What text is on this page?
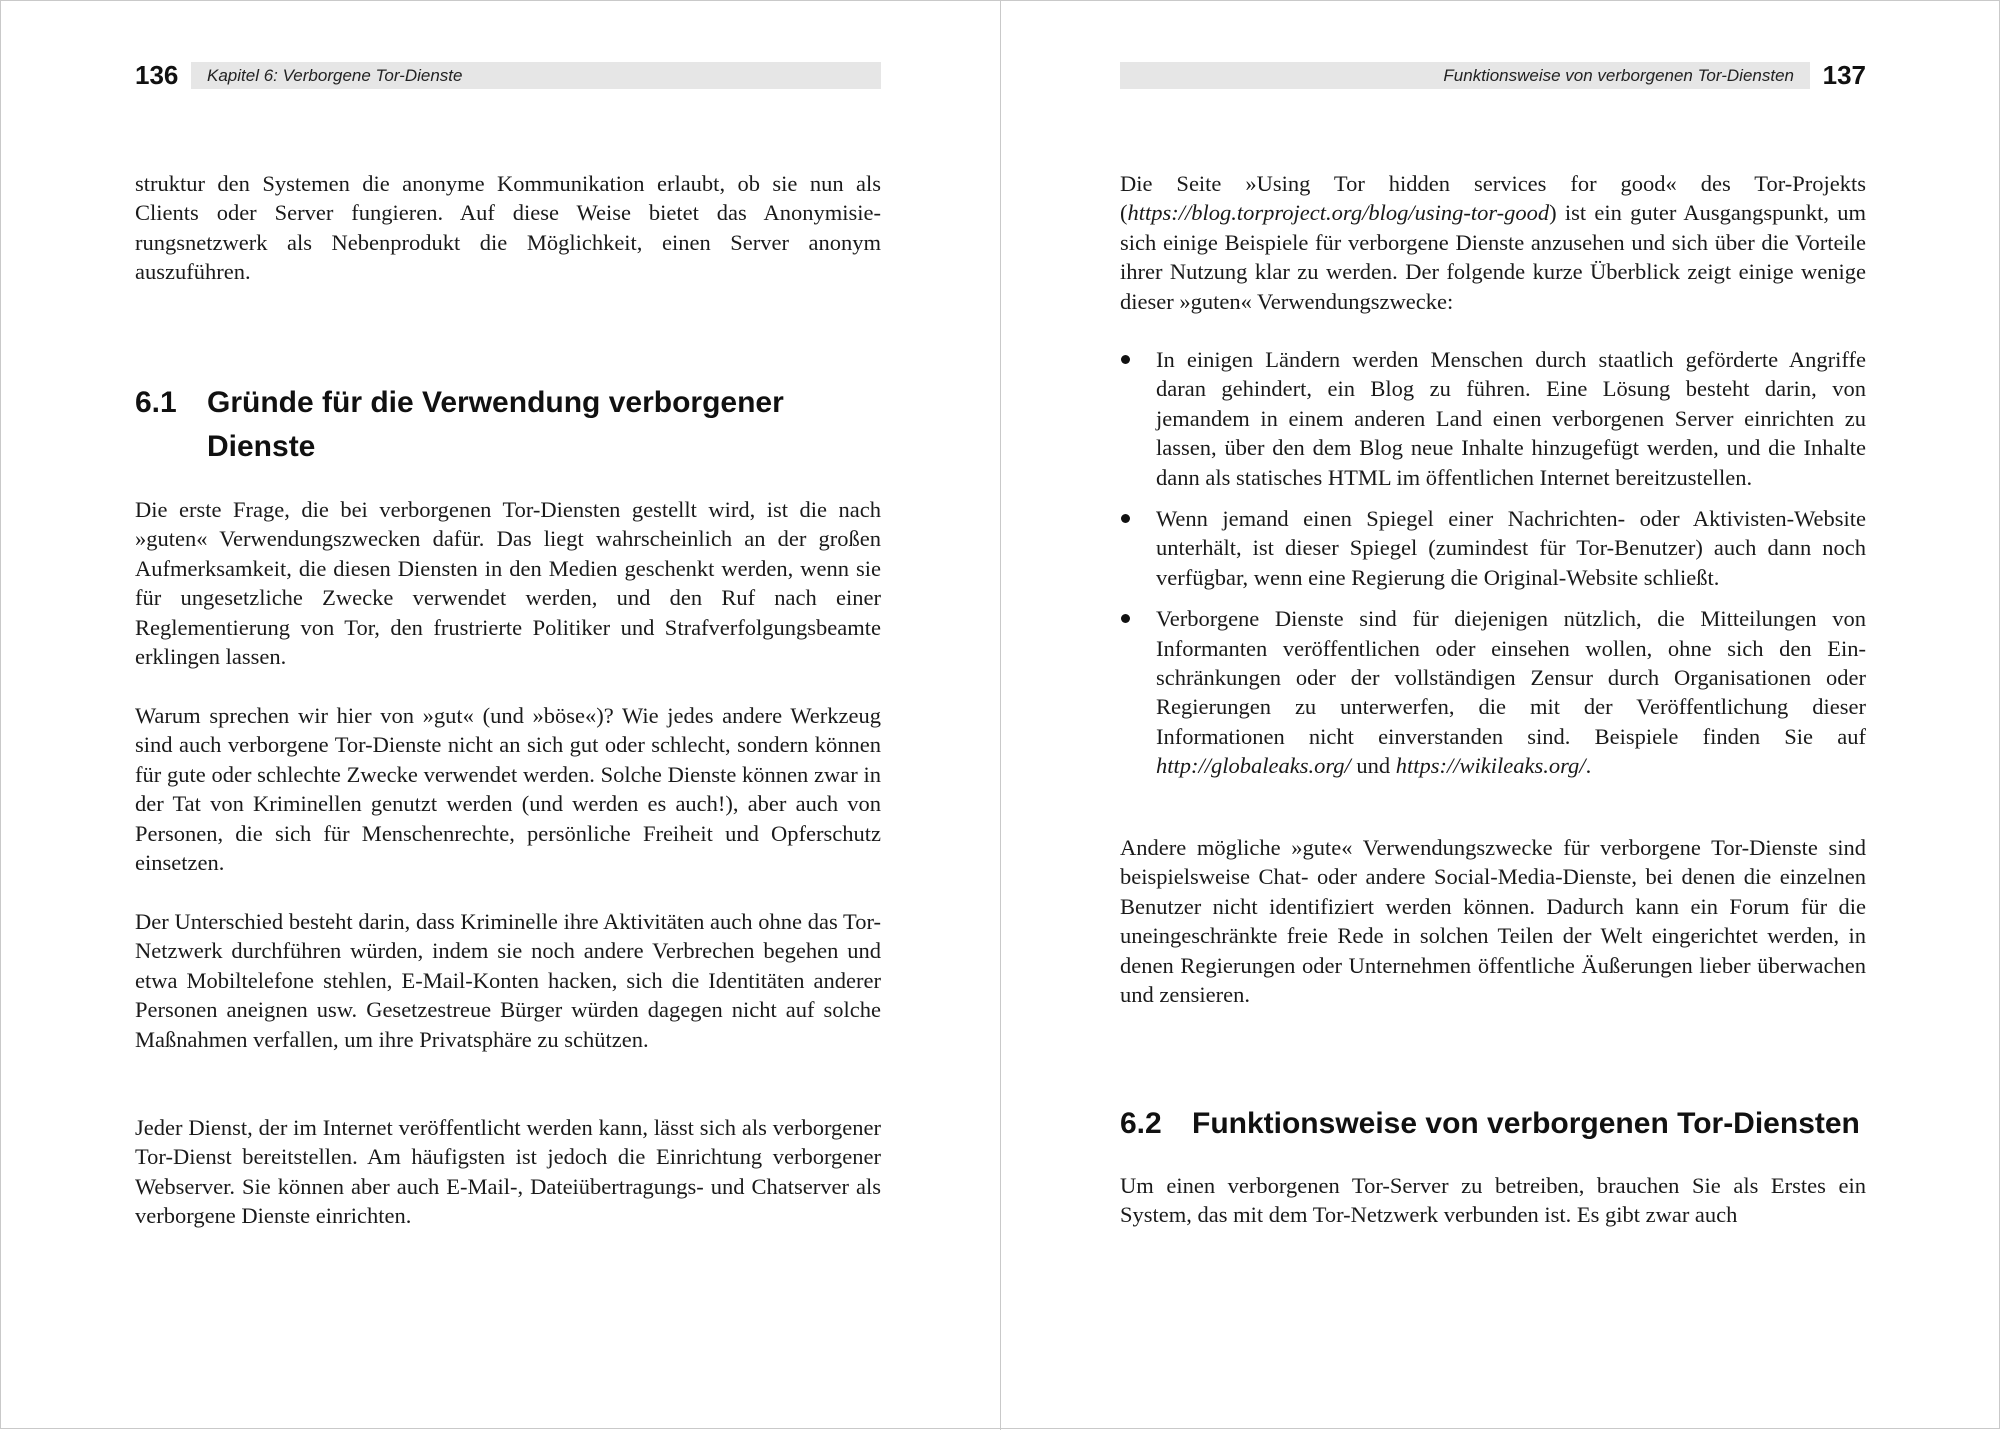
136 Kapitel 6: Verborgene Tor-Dienste

struktur den Systemen die anonyme Kommunikation erlaubt, ob sie nun als Clients oder Server fungieren. Auf diese Weise bietet das Anonymisierungsnetzwerk als Nebenprodukt die Möglichkeit, einen Server anonym auszuführen.

6.1	Gründe für die Verwendung verborgener Dienste

Die erste Frage, die bei verborgenen Tor-Diensten gestellt wird, ist die nach »guten« Verwendungszwecken dafür. Das liegt wahrscheinlich an der großen Aufmerksamkeit, die diesen Diensten in den Medien geschenkt werden, wenn sie für ungesetzliche Zwecke verwendet werden, und den Ruf nach einer Reglementierung von Tor, den frustrierte Politiker und Strafverfolgungsbeamte erklingen lassen.

Warum sprechen wir hier von »gut« (und »böse«)? Wie jedes andere Werkzeug sind auch verborgene Tor-Dienste nicht an sich gut oder schlecht, sondern können für gute oder schlechte Zwecke verwendet werden. Solche Dienste können zwar in der Tat von Kriminellen genutzt werden (und werden es auch!), aber auch von Personen, die sich für Menschenrechte, persönliche Freiheit und Opferschutz einsetzen.

Der Unterschied besteht darin, dass Kriminelle ihre Aktivitäten auch ohne das Tor-Netzwerk durchführen würden, indem sie noch andere Verbrechen begehen und etwa Mobiltelefone stehlen, E-Mail-Konten hacken, sich die Identitäten anderer Personen aneignen usw. Gesetzestreue Bürger würden dagegen nicht auf solche Maßnahmen verfallen, um ihre Privatsphäre zu schützen.

Jeder Dienst, der im Internet veröffentlicht werden kann, lässt sich als verborgener Tor-Dienst bereitstellen. Am häufigsten ist jedoch die Einrichtung verborgener Webserver. Sie können aber auch E-Mail-, Dateiübertragungs- und Chatserver als verborgene Dienste einrichten.

Funktionsweise von verborgenen Tor-Diensten 137

Die Seite »Using Tor hidden services for good« des Tor-Projekts (https://blog.torproject.org/blog/using-tor-good) ist ein guter Ausgangspunkt, um sich einige Beispiele für verborgene Dienste anzusehen und sich über die Vorteile ihrer Nutzung klar zu werden. Der folgende kurze Überblick zeigt einige wenige dieser »guten« Verwendungszwecke:

In einigen Ländern werden Menschen durch staatlich geförderte Angriffe daran gehindert, ein Blog zu führen. Eine Lösung besteht darin, von jemandem in einem anderen Land einen verborgenen Server einrichten zu lassen, über den dem Blog neue Inhalte hinzugefügt werden, und die Inhalte dann als statisches HTML im öffentlichen Internet bereitzustellen.
Wenn jemand einen Spiegel einer Nachrichten- oder Aktivisten-Website unterhält, ist dieser Spiegel (zumindest für Tor-Benutzer) auch dann noch verfügbar, wenn eine Regierung die Original-Website schließt.
Verborgene Dienste sind für diejenigen nützlich, die Mitteilungen von Informanten veröffentlichen oder einsehen wollen, ohne sich den Einschränkungen oder der vollständigen Zensur durch Organisationen oder Regierungen zu unterwerfen, die mit der Veröffentlichung dieser Informationen nicht einverstanden sind. Beispiele finden Sie auf http://globaleaks.org/ und https://wikileaks.org/.

Andere mögliche »gute« Verwendungszwecke für verborgene Tor-Dienste sind beispielsweise Chat- oder andere Social-Media-Dienste, bei denen die einzelnen Benutzer nicht identifiziert werden können. Dadurch kann ein Forum für die uneingeschränkte freie Rede in solchen Teilen der Welt eingerichtet werden, in denen Regierungen oder Unternehmen öffentliche Äußerungen lieber überwachen und zensieren.

6.2	Funktionsweise von verborgenen Tor-Diensten

Um einen verborgenen Tor-Server zu betreiben, brauchen Sie als Erstes ein System, das mit dem Tor-Netzwerk verbunden ist. Es gibt zwar auch
